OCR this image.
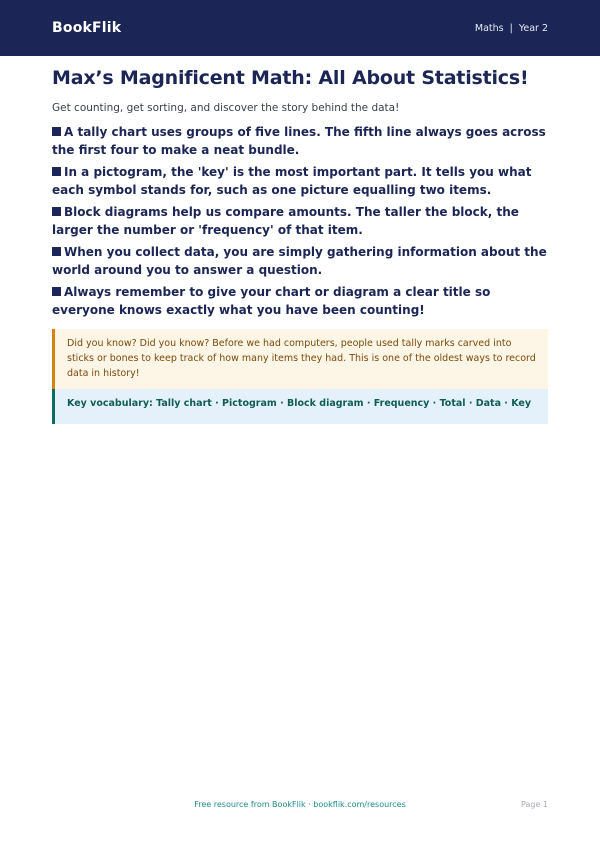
BookFlik	Maths | Year 2
Max’s Magnificent Math: All About Statistics!

Get counting, get sorting, and discover the story behind the data!

A tally chart uses groups of five lines. The fifth line always goes across the first four to make a neat bundle.

In a pictogram, the 'key' is the most important part. It tells you what each symbol stands for, such as one picture equalling two items.

Block diagrams help us compare amounts. The taller the block, the larger the number or 'frequency' of that item.

When you collect data, you are simply gathering information about the world around you to answer a question.

Always remember to give your chart or diagram a clear title so everyone knows exactly what you have been counting!

Did you know? Did you know? Before we had computers, people used tally marks carved into sticks or bones to keep track of how many items they had. This is one of the oldest ways to record data in history!
Key vocabulary: Tally chart · Pictogram · Block diagram · Frequency · Total · Data · Key
Free resource from BookFlik · bookflik.com/resources	Page 1
